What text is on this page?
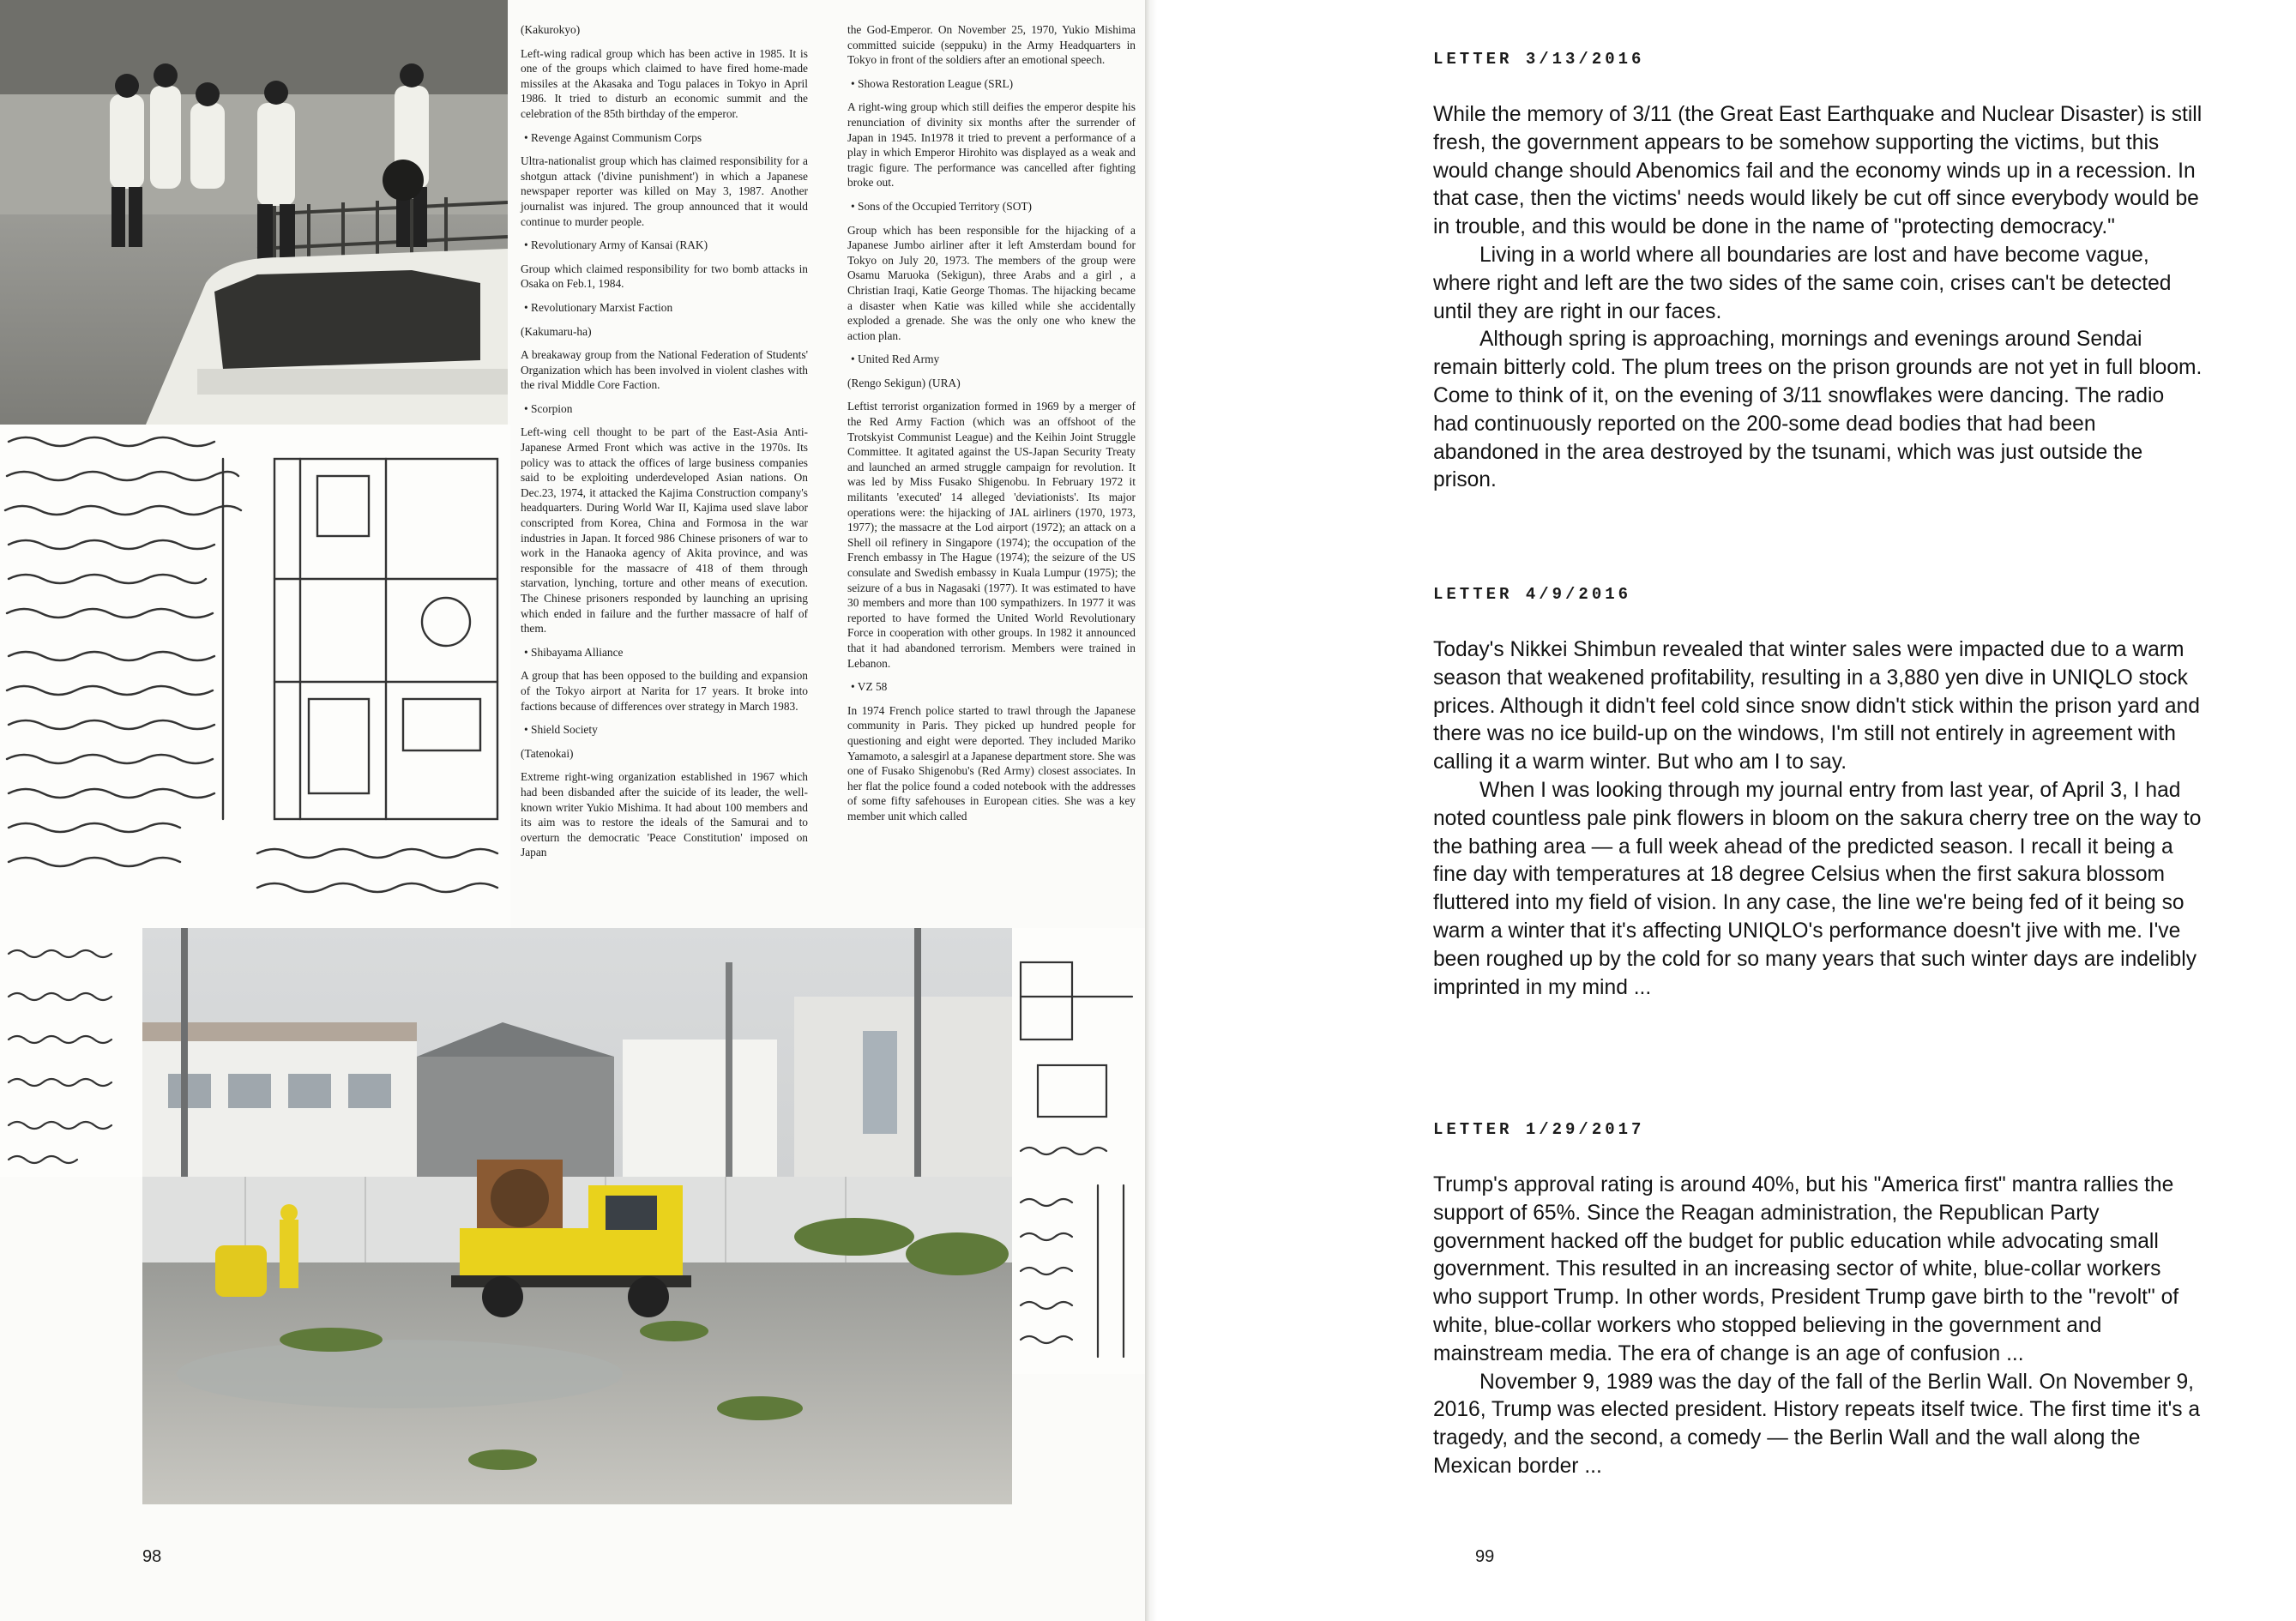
(Kakurokyo)
Left-wing radical group which has been active in 1985. It is one of the groups which claimed to have fired home-made missiles at the Akasaka and Togu palaces in Tokyo in April 1986. It tried to disturb an economic summit and the celebration of the 85th birthday of the emperor.
• Revenge Against Communism Corps
Ultra-nationalist group which has claimed responsibility for a shotgun attack ('divine punishment') in which a Japanese newspaper reporter was killed on May 3, 1987. Another journalist was injured. The group announced that it would continue to murder people.
• Revolutionary Army of Kansai (RAK)
Group which claimed responsibility for two bomb attacks in Osaka on Feb.1, 1984.
• Revolutionary Marxist Faction
(Kakumaru-ha)
A breakaway group from the National Federation of Students' Organization which has been involved in violent clashes with the rival Middle Core Faction.
• Scorpion
Left-wing cell thought to be part of the East-Asia Anti-Japanese Armed Front which was active in the 1970s. Its policy was to attack the offices of large business companies said to be exploiting underdeveloped Asian nations. On Dec.23, 1974, it attacked the Kajima Construction company's headquarters. During World War II, Kajima used slave labor conscripted from Korea, China and Formosa in the war industries in Japan. It forced 986 Chinese prisoners of war to work in the Hanaoka agency of Akita province, and was responsible for the massacre of 418 of them through starvation, lynching, torture and other means of execution. The Chinese prisoners responded by launching an uprising which ended in failure and the further massacre of half of them.
• Shibayama Alliance
A group that has been opposed to the building and expansion of the Tokyo airport at Narita for 17 years. It broke into factions because of differences over strategy in March 1983.
• Shield Society
(Tatenokai)
Extreme right-wing organization established in 1967 which had been disbanded after the suicide of its leader, the well-known writer Yukio Mishima. It had about 100 members and its aim was to restore the ideals of the Samurai and to overturn the democratic 'Peace Constitution' imposed on Japan
the God-Emperor. On November 25, 1970, Yukio Mishima committed suicide (seppuku) in the Army Headquarters in Tokyo in front of the soldiers after an emotional speech.
• Showa Restoration League (SRL)
A right-wing group which still deifies the emperor despite his renunciation of divinity six months after the surrender of Japan in 1945. In1978 it tried to prevent a performance of a play in which Emperor Hirohito was displayed as a weak and tragic figure. The performance was cancelled after fighting broke out.
• Sons of the Occupied Territory (SOT)
Group which has been responsible for the hijacking of a Japanese Jumbo airliner after it left Amsterdam bound for Tokyo on July 20, 1973. The members of the group were Osamu Maruoka (Sekigun), three Arabs and a girl , a Christian Iraqi, Katie George Thomas. The hijacking became a disaster when Katie was killed while she accidentally exploded a grenade. She was the only one who knew the action plan.
• United Red Army
(Rengo Sekigun) (URA)
Leftist terrorist organization formed in 1969 by a merger of the Red Army Faction (which was an offshoot of the Trotskyist Communist League) and the Keihin Joint Struggle Committee. It agitated against the US-Japan Security Treaty and launched an armed struggle campaign for revolution. It was led by Miss Fusako Shigenobu. In February 1972 it militants 'executed' 14 alleged 'deviationists'. Its major operations were: the hijacking of JAL airliners (1970, 1973, 1977); the massacre at the Lod airport (1972); an attack on a Shell oil refinery in Singapore (1974); the occupation of the French embassy in The Hague (1974); the seizure of the US consulate and Swedish embassy in Kuala Lumpur (1975); the seizure of a bus in Nagasaki (1977). It was estimated to have 30 members and more than 100 sympathizers. In 1977 it was reported to have formed the United World Revolutionary Force in cooperation with other groups. In 1982 it announced that it had abandoned terrorism. Members were trained in Lebanon.
• VZ 58
In 1974 French police started to trawl through the Japanese community in Paris. They picked up hundred people for questioning and eight were deported. They included Mariko Yamamoto, a salesgirl at a Japanese department store. She was one of Fusako Shigenobu's (Red Army) closest associates. In her flat the police found a coded notebook with the addresses of some fifty safehouses in European cities. She was a key member unit which called
98
LETTER 3/13/2016

While the memory of 3/11 (the Great East Earthquake and Nuclear Disaster) is still fresh, the government appears to be somehow supporting the victims, but this would change should Abenomics fail and the economy winds up in a recession. In that case, then the victims' needs would likely be cut off since everybody would be in trouble, and this would be done in the name of "protecting democracy."

Living in a world where all boundaries are lost and have become vague, where right and left are the two sides of the same coin, crises can't be detected until they are right in our faces.

Although spring is approaching, mornings and evenings around Sendai remain bitterly cold. The plum trees on the prison grounds are not yet in full bloom. Come to think of it, on the evening of 3/11 snowflakes were dancing. The radio had continuously reported on the 200-some dead bodies that had been abandoned in the area destroyed by the tsunami, which was just outside the prison.

LETTER 4/9/2016

Today's Nikkei Shimbun revealed that winter sales were impacted due to a warm season that weakened profitability, resulting in a 3,880 yen dive in UNIQLO stock prices. Although it didn't feel cold since snow didn't stick within the prison yard and there was no ice build-up on the windows, I'm still not entirely in agreement with calling it a warm winter. But who am I to say.

When I was looking through my journal entry from last year, of April 3, I had noted countless pale pink flowers in bloom on the sakura cherry tree on the way to the bathing area — a full week ahead of the predicted season. I recall it being a fine day with temperatures at 18 degree Celsius when the first sakura blossom fluttered into my field of vision. In any case, the line we're being fed of it being so warm a winter that it's affecting UNIQLO's performance doesn't jive with me. I've been roughed up by the cold for so many years that such winter days are indelibly imprinted in my mind ...

LETTER 1/29/2017

Trump's approval rating is around 40%, but his "America first" mantra rallies the support of 65%. Since the Reagan administration, the Republican Party government hacked off the budget for public education while advocating small government. This resulted in an increasing sector of white, blue-collar workers who support Trump. In other words, President Trump gave birth to the "revolt" of white, blue-collar workers who stopped believing in the government and mainstream media. The era of change is an age of confusion ...

November 9, 1989 was the day of the fall of the Berlin Wall. On November 9, 2016, Trump was elected president. History repeats itself twice. The first time it's a tragedy, and the second, a comedy — the Berlin Wall and the wall along the Mexican border ...

99
